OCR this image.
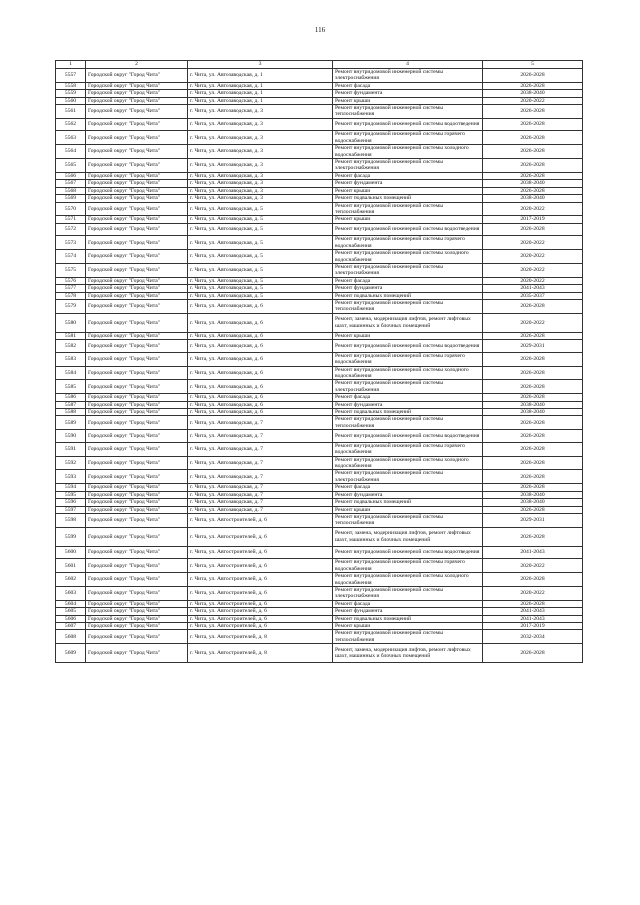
116
1	2	3	4	5
5557	Городской округ "Город Чита"	г. Чита, ул. Автозаводская, д. 1	Ремонт внутридомовой инженерной системы электроснабжения	2026-2028
5558	Городской округ "Город Чита"	г. Чита, ул. Автозаводская, д. 1	Ремонт фасада	2026-2028
5559	Городской округ "Город Чита"	г. Чита, ул. Автозаводская, д. 1	Ремонт фундамента	2038-2040
5560	Городской округ "Город Чита"	г. Чита, ул. Автозаводская, д. 1	Ремонт крыши	2020-2022
5561	Городской округ "Город Чита"	г. Чита, ул. Автозаводская, д. 3	Ремонт внутридомовой инженерной системы теплоснабжения	2026-2028
5562	Городской округ "Город Чита"	г. Чита, ул. Автозаводская, д. 3	Ремонт внутридомовой инженерной системы водоотведения	2026-2028
5563	Городской округ "Город Чита"	г. Чита, ул. Автозаводская, д. 3	Ремонт внутридомовой инженерной системы горячего водоснабжения	2026-2028
5564	Городской округ "Город Чита"	г. Чита, ул. Автозаводская, д. 3	Ремонт внутридомовой инженерной системы холодного водоснабжения	2026-2028
5565	Городской округ "Город Чита"	г. Чита, ул. Автозаводская, д. 3	Ремонт внутридомовой инженерной системы электроснабжения	2026-2028
5566	Городской округ "Город Чита"	г. Чита, ул. Автозаводская, д. 3	Ремонт фасада	2026-2028
5567	Городской округ "Город Чита"	г. Чита, ул. Автозаводская, д. 3	Ремонт фундамента	2038-2040
5568	Городской округ "Город Чита"	г. Чита, ул. Автозаводская, д. 3	Ремонт крыши	2026-2028
5569	Городской округ "Город Чита"	г. Чита, ул. Автозаводская, д. 3	Ремонт подвальных помещений	2038-2040
5570	Городской округ "Город Чита"	г. Чита, ул. Автозаводская, д. 5	Ремонт внутридомовой инженерной системы теплоснабжения	2020-2022
5571	Городской округ "Город Чита"	г. Чита, ул. Автозаводская, д. 5	Ремонт крыши	2017-2019
5572	Городской округ "Город Чита"	г. Чита, ул. Автозаводская, д. 5	Ремонт внутридомовой инженерной системы водоотведения	2026-2028
5573	Городской округ "Город Чита"	г. Чита, ул. Автозаводская, д. 5	Ремонт внутридомовой инженерной системы горячего водоснабжения	2020-2022
5574	Городской округ "Город Чита"	г. Чита, ул. Автозаводская, д. 5	Ремонт внутридомовой инженерной системы холодного водоснабжения	2020-2022
5575	Городской округ "Город Чита"	г. Чита, ул. Автозаводская, д. 5	Ремонт внутридомовой инженерной системы электроснабжения	2020-2022
5576	Городской округ "Город Чита"	г. Чита, ул. Автозаводская, д. 5	Ремонт фасада	2020-2022
5577	Городской округ "Город Чита"	г. Чита, ул. Автозаводская, д. 5	Ремонт фундамента	2041-2043
5578	Городской округ "Город Чита"	г. Чита, ул. Автозаводская, д. 5	Ремонт подвальных помещений	2035-2037
5579	Городской округ "Город Чита"	г. Чита, ул. Автозаводская, д. 6	Ремонт внутридомовой инженерной системы теплоснабжения	2026-2028
5580	Городской округ "Город Чита"	г. Чита, ул. Автозаводская, д. 6	Ремонт, замена, модернизация лифтов, ремонт лифтовых шахт, машинных и блочных помещений	2020-2022
5581	Городской округ "Город Чита"	г. Чита, ул. Автозаводская, д. 6	Ремонт крыши	2026-2028
5582	Городской округ "Город Чита"	г. Чита, ул. Автозаводская, д. 6	Ремонт внутридомовой инженерной системы водоотведения	2029-2031
5583	Городской округ "Город Чита"	г. Чита, ул. Автозаводская, д. 6	Ремонт внутридомовой инженерной системы горячего водоснабжения	2026-2028
5584	Городской округ "Город Чита"	г. Чита, ул. Автозаводская, д. 6	Ремонт внутридомовой инженерной системы холодного водоснабжения	2026-2028
5585	Городской округ "Город Чита"	г. Чита, ул. Автозаводская, д. 6	Ремонт внутридомовой инженерной системы электроснабжения	2026-2028
5586	Городской округ "Город Чита"	г. Чита, ул. Автозаводская, д. 6	Ремонт фасада	2026-2028
5587	Городской округ "Город Чита"	г. Чита, ул. Автозаводская, д. 6	Ремонт фундамента	2038-2040
5588	Городской округ "Город Чита"	г. Чита, ул. Автозаводская, д. 6	Ремонт подвальных помещений	2038-2040
5589	Городской округ "Город Чита"	г. Чита, ул. Автозаводская, д. 7	Ремонт внутридомовой инженерной системы теплоснабжения	2026-2028
5590	Городской округ "Город Чита"	г. Чита, ул. Автозаводская, д. 7	Ремонт внутридомовой инженерной системы водоотведения	2026-2028
5591	Городской округ "Город Чита"	г. Чита, ул. Автозаводская, д. 7	Ремонт внутридомовой инженерной системы горячего водоснабжения	2026-2028
5592	Городской округ "Город Чита"	г. Чита, ул. Автозаводская, д. 7	Ремонт внутридомовой инженерной системы холодного водоснабжения	2026-2028
5593	Городской округ "Город Чита"	г. Чита, ул. Автозаводская, д. 7	Ремонт внутридомовой инженерной системы электроснабжения	2026-2028
5594	Городской округ "Город Чита"	г. Чита, ул. Автозаводская, д. 7	Ремонт фасада	2026-2028
5595	Городской округ "Город Чита"	г. Чита, ул. Автозаводская, д. 7	Ремонт фундамента	2038-2040
5596	Городской округ "Город Чита"	г. Чита, ул. Автозаводская, д. 7	Ремонт подвальных помещений	2038-2040
5597	Городской округ "Город Чита"	г. Чита, ул. Автозаводская, д. 7	Ремонт крыши	2026-2028
5598	Городской округ "Город Чита"	г. Чита, ул. Автостроителей, д. 6	Ремонт внутридомовой инженерной системы теплоснабжения	2029-2031
5599	Городской округ "Город Чита"	г. Чита, ул. Автостроителей, д. 6	Ремонт, замена, модернизация лифтов, ремонт лифтовых шахт, машинных и блочных помещений	2026-2028
5600	Городской округ "Город Чита"	г. Чита, ул. Автостроителей, д. 6	Ремонт внутридомовой инженерной системы водоотведения	2041-2043
5601	Городской округ "Город Чита"	г. Чита, ул. Автостроителей, д. 6	Ремонт внутридомовой инженерной системы горячего водоснабжения	2020-2022
5602	Городской округ "Город Чита"	г. Чита, ул. Автостроителей, д. 6	Ремонт внутридомовой инженерной системы холодного водоснабжения	2026-2028
5603	Городской округ "Город Чита"	г. Чита, ул. Автостроителей, д. 6	Ремонт внутридомовой инженерной системы электроснабжения	2020-2022
5604	Городской округ "Город Чита"	г. Чита, ул. Автостроителей, д. 6	Ремонт фасада	2026-2028
5605	Городской округ "Город Чита"	г. Чита, ул. Автостроителей, д. 6	Ремонт фундамента	2041-2043
5606	Городской округ "Город Чита"	г. Чита, ул. Автостроителей, д. 6	Ремонт подвальных помещений	2041-2043
5607	Городской округ "Город Чита"	г. Чита, ул. Автостроителей, д. 6	Ремонт крыши	2017-2019
5608	Городской округ "Город Чита"	г. Чита, ул. Автостроителей, д. 8	Ремонт внутридомовой инженерной системы теплоснабжения	2032-2034
5609	Городской округ "Город Чита"	г. Чита, ул. Автостроителей, д. 8	Ремонт, замена, модернизация лифтов, ремонт лифтовых шахт, машинных и блочных помещений	2026-2028
